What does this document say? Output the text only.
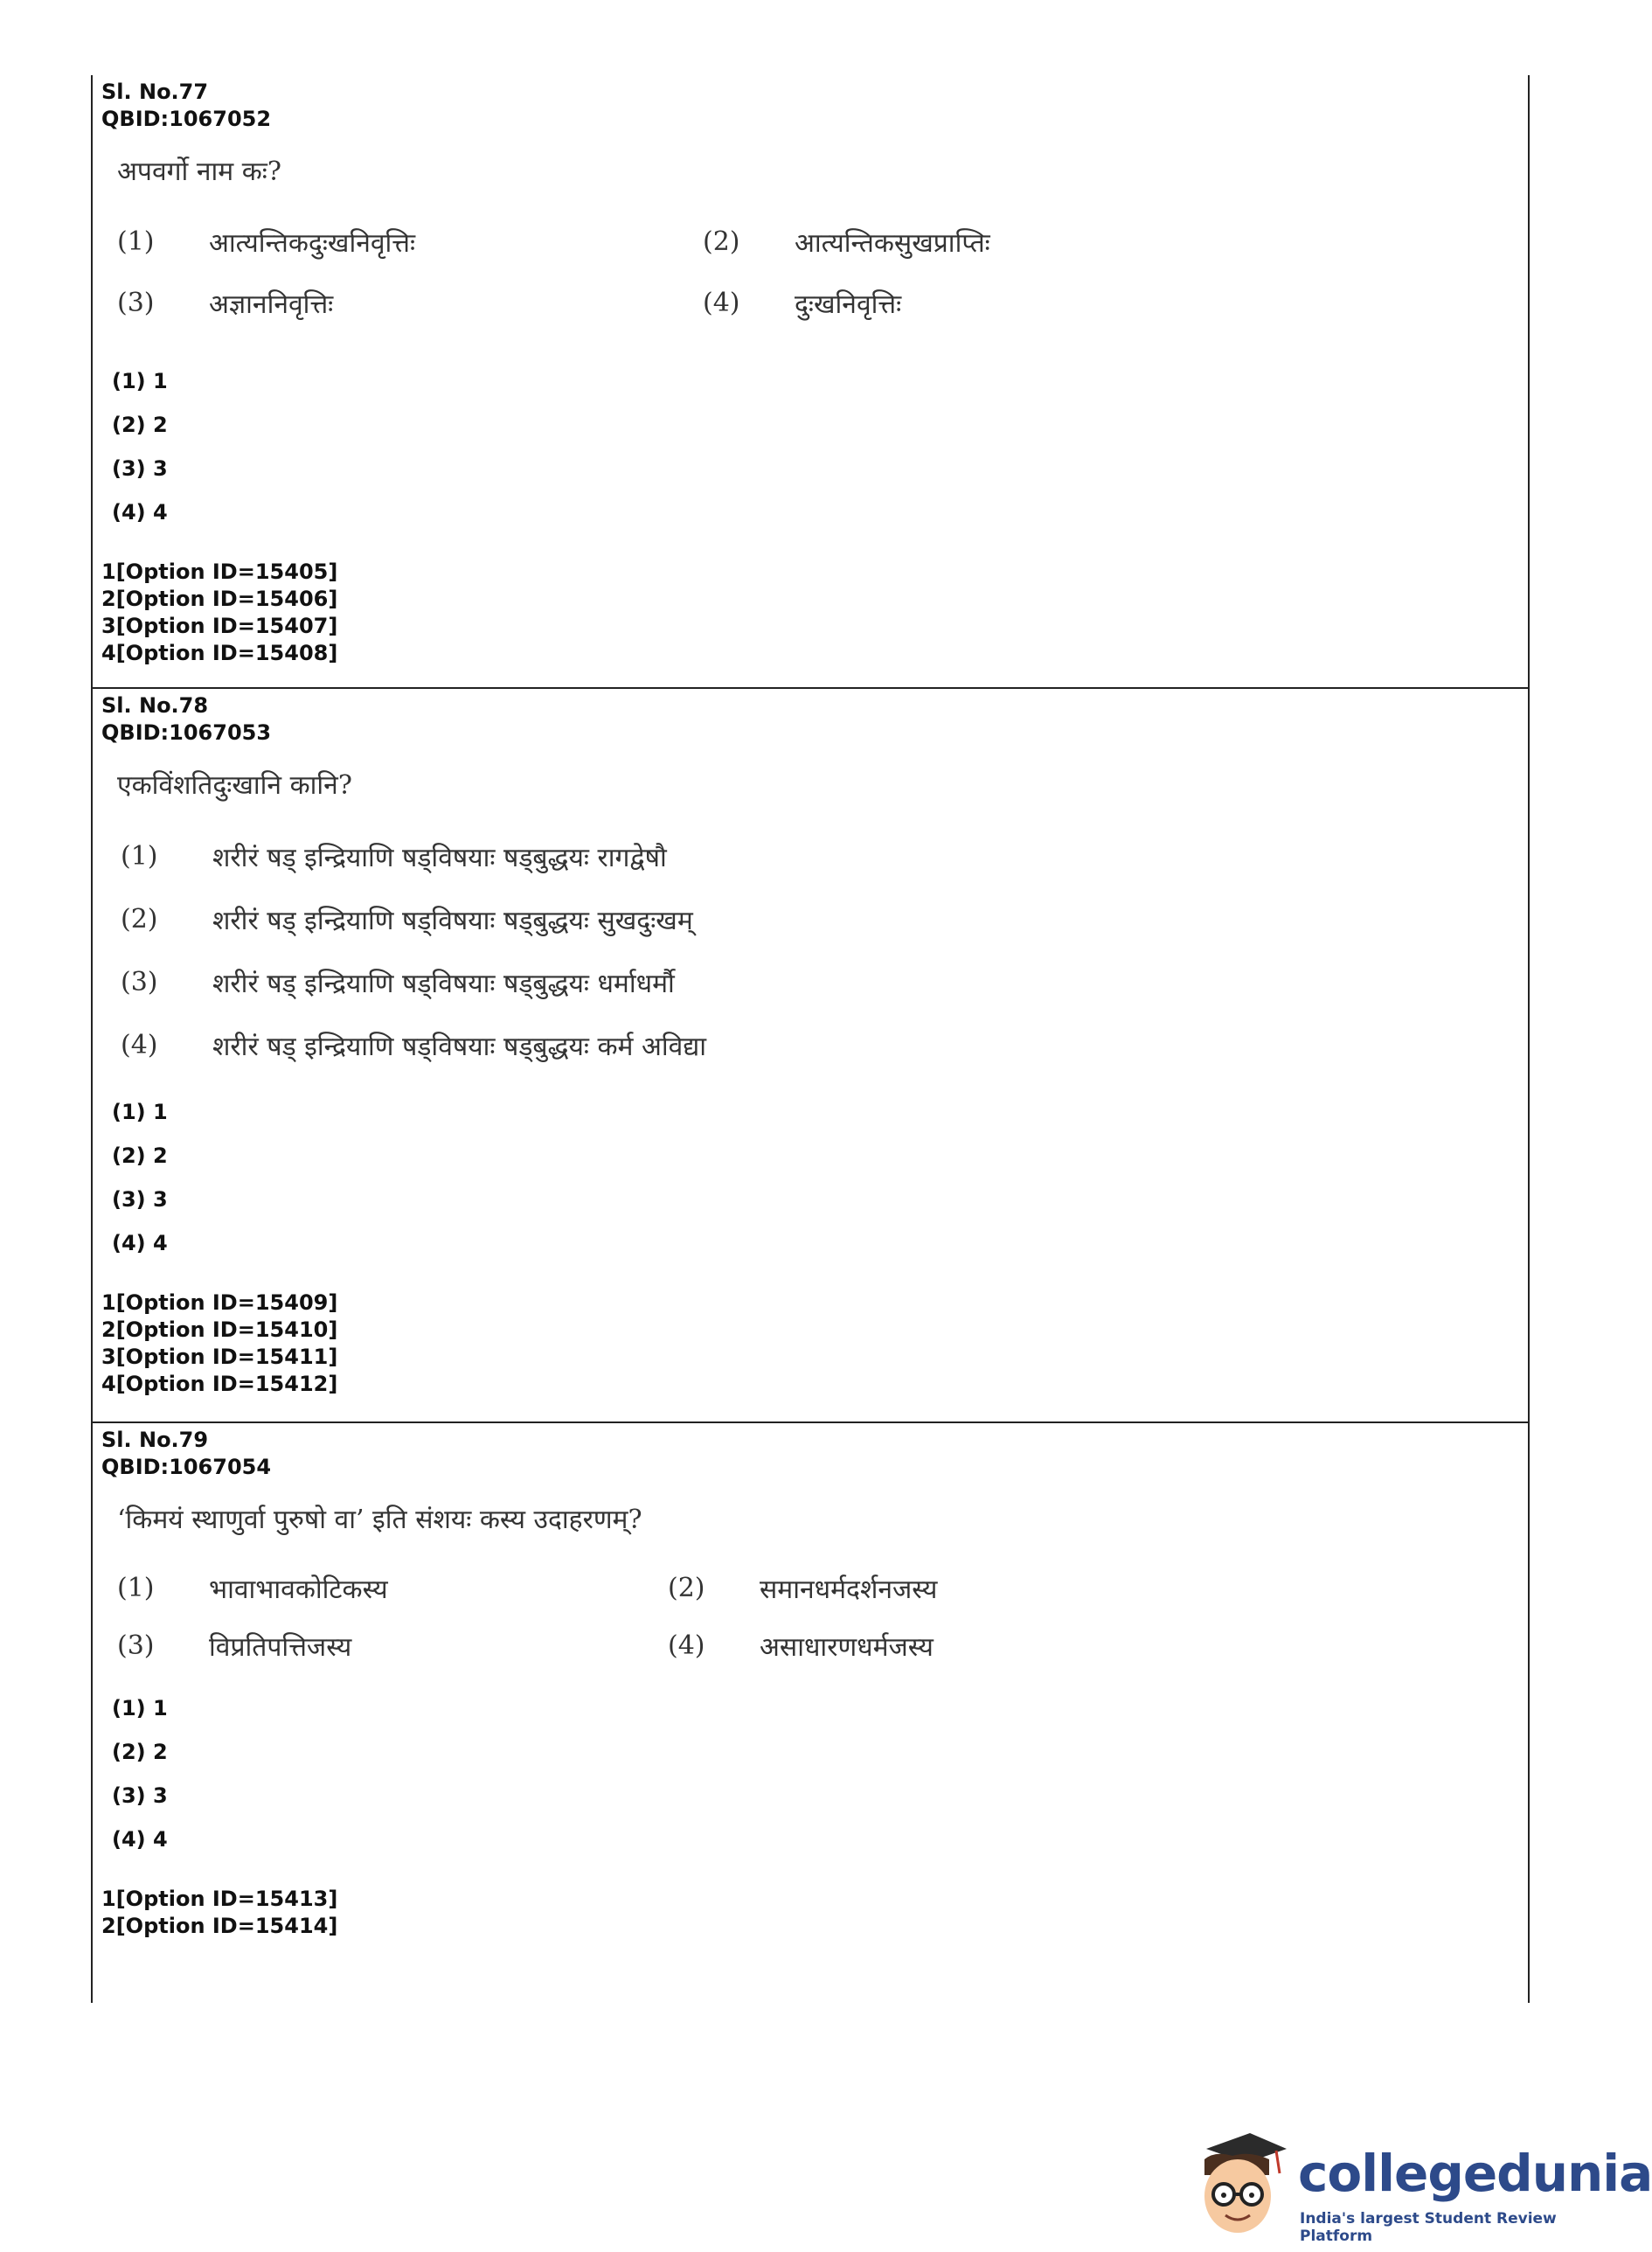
Sl. No.77
QBID:1067052
अपवर्गो नाम कः?
(1)	आत्यन्तिकदुःखनिवृत्तिः	(2)	आत्यन्तिकसुखप्राप्तिः
(3)	अज्ञाननिवृत्तिः	(4)	दुःखनिवृत्तिः
(1) 1
(2) 2
(3) 3
(4) 4
1[Option ID=15405]
2[Option ID=15406]
3[Option ID=15407]
4[Option ID=15408]
Sl. No.78
QBID:1067053
एकविंशतिदुःखानि कानि?
(1)	शरीरं षड् इन्द्रियाणि षड्विषयाः षड्बुद्धयः रागद्वेषौ
(2)	शरीरं षड् इन्द्रियाणि षड्विषयाः षड्बुद्धयः सुखदुःखम्
(3)	शरीरं षड् इन्द्रियाणि षड्विषयाः षड्बुद्धयः धर्माधर्मौ
(4)	शरीरं षड् इन्द्रियाणि षड्विषयाः षड्बुद्धयः कर्म अविद्या
(1) 1
(2) 2
(3) 3
(4) 4
1[Option ID=15409]
2[Option ID=15410]
3[Option ID=15411]
4[Option ID=15412]
Sl. No.79
QBID:1067054
‘किमयं स्थाणुर्वा पुरुषो वा’ इति संशयः कस्य उदाहरणम्?
(1)	भावाभावकोटिकस्य	(2)	समानधर्मदर्शनजस्य
(3)	विप्रतिपत्तिजस्य	(4)	असाधारणधर्मजस्य
(1) 1
(2) 2
(3) 3
(4) 4
1[Option ID=15413]
2[Option ID=15414]
collegedunia
India's largest Student Review Platform
